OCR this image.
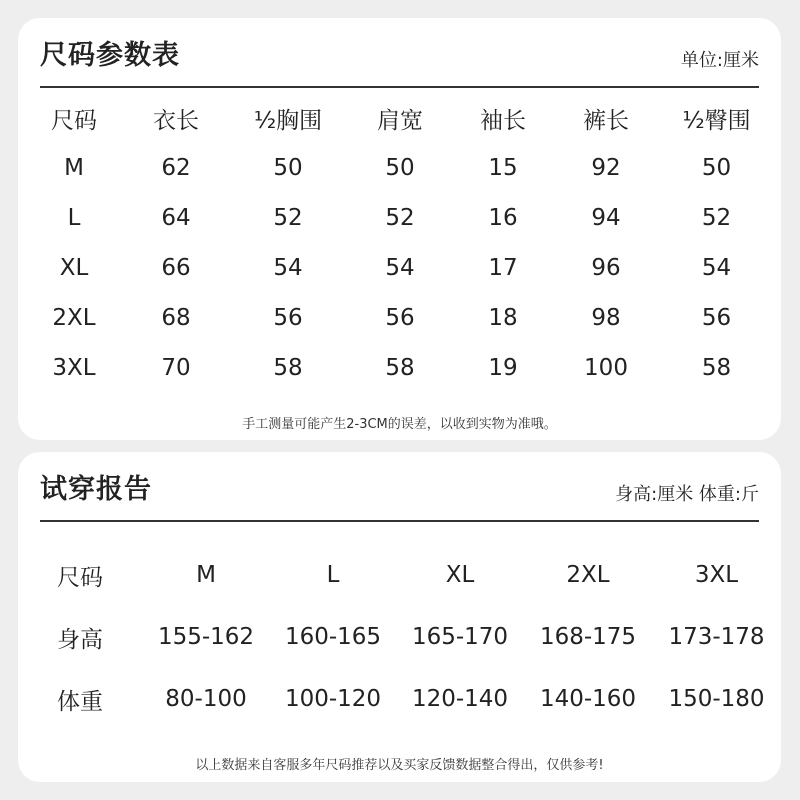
尺码参数表	单位:厘米
尺码	衣长	½胸围	肩宽	袖长	裤长	½臀围
M	62	50	50	15	92	50
L	64	52	52	16	94	52
XL	66	54	54	17	96	54
2XL	68	56	56	18	98	56
3XL	70	58	58	19	100	58
手工测量可能产生2-3CM的误差，以收到实物为准哦。
试穿报告	身高:厘米 体重:斤
尺码	M	L	XL	2XL	3XL
身高	155-162	160-165	165-170	168-175	173-178
体重	80-100	100-120	120-140	140-160	150-180
以上数据来自客服多年尺码推荐以及买家反馈数据整合得出，仅供参考!
